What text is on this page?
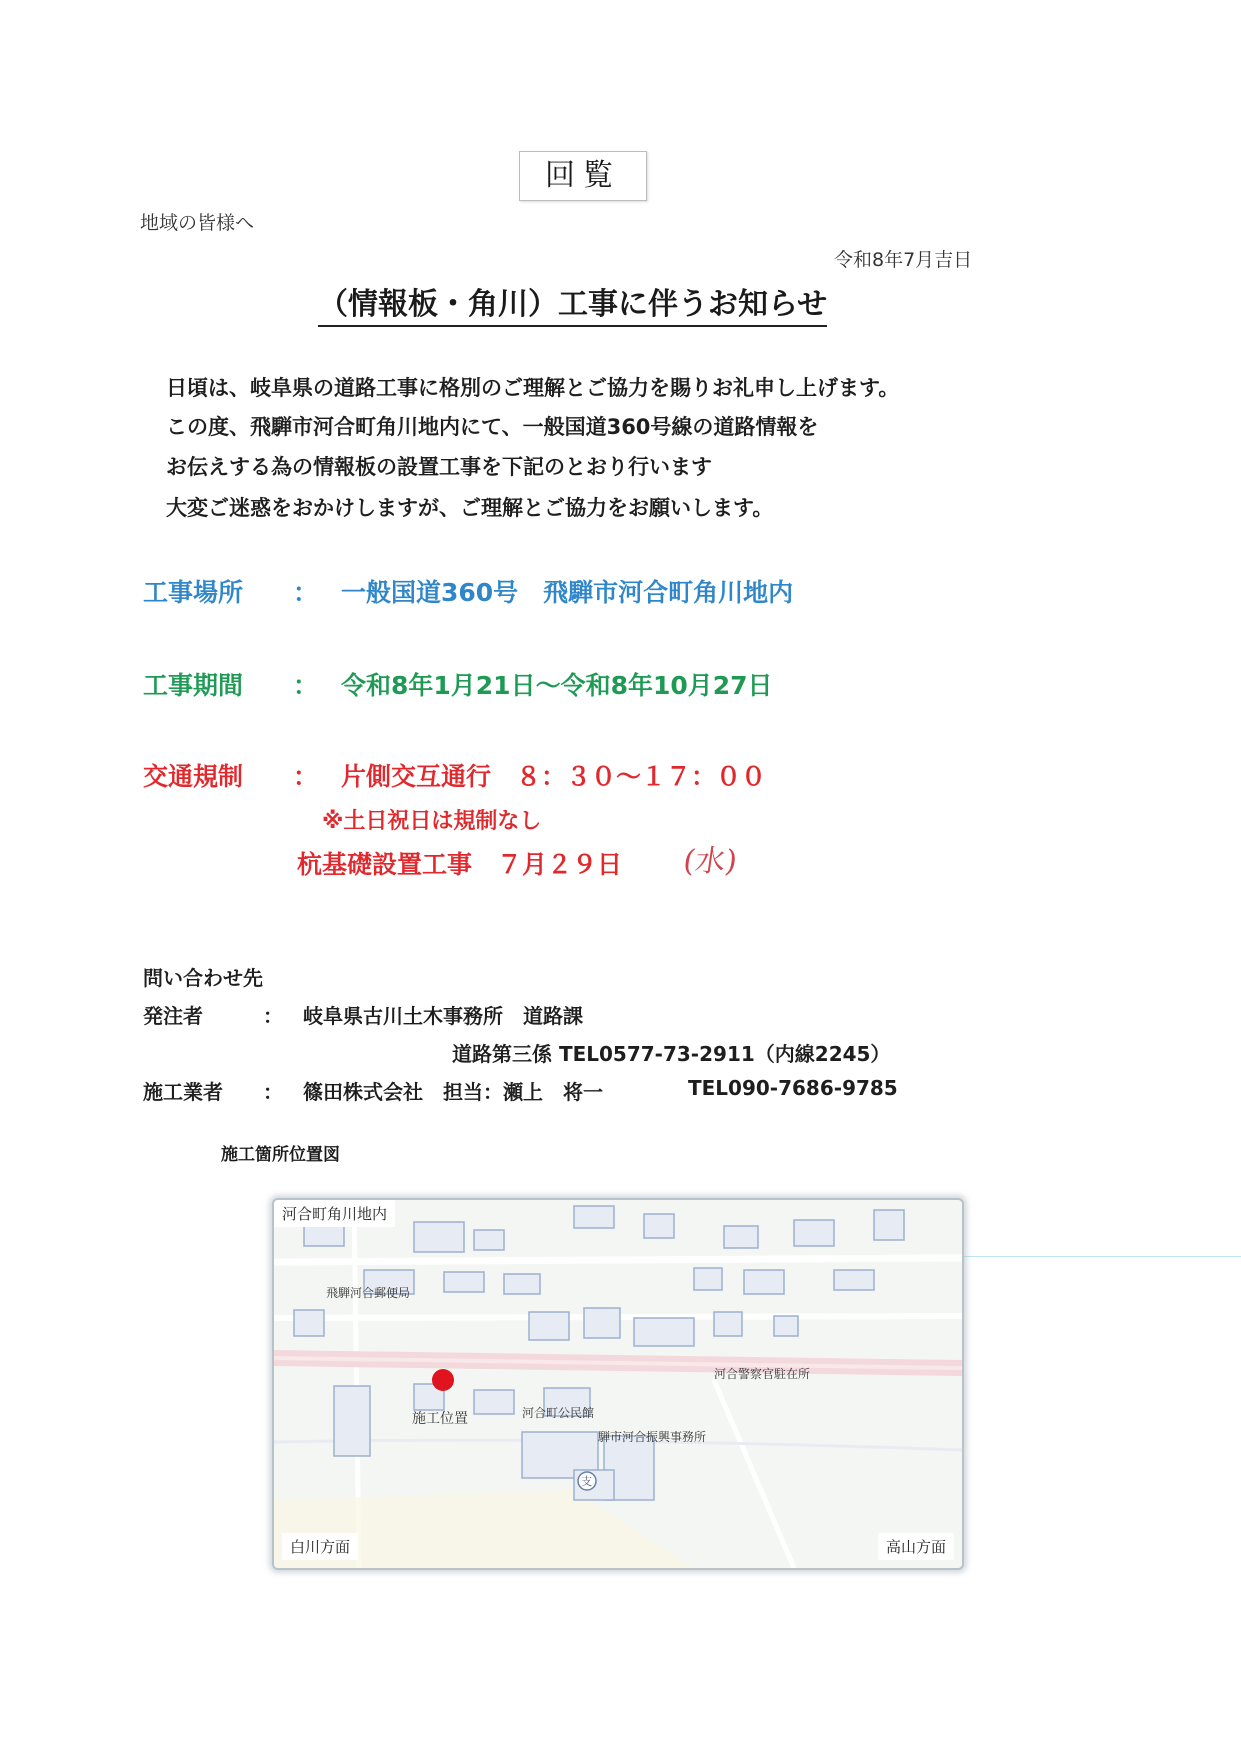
回覧
地域の皆様へ
令和8年7月吉日
（情報板・角川）工事に伴うお知らせ
日頃は、岐阜県の道路工事に格別のご理解とご協力を賜りお礼申し上げます。
この度、飛騨市河合町角川地内にて、一般国道360号線の道路情報を
お伝えする為の情報板の設置工事を下記のとおり行います
大変ご迷惑をおかけしますが、ご理解とご協力をお願いします。
工事場所 ： 一般国道360号　飛騨市河合町角川地内
工事期間 ： 令和8年1月21日～令和8年10月27日
交通規制 ： 片側交互通行　８：３０～１７：００
※土日祝日は規制なし
杭基礎設置工事　７月２９日 (水)
問い合わせ先
発注者	： 岐阜県古川土木事務所　道路課
道路第三係 TEL0577-73-2911（内線2245）
施工業者 ： 篠田株式会社　担当：瀬上　将一	TEL090-7686-9785
施工箇所位置図
河合町角川地内
飛騨河合郵便局
河合警察官駐在所
施工位置	河合町公民館
支
騨市河合振興事務所
白川方面	高山方面
